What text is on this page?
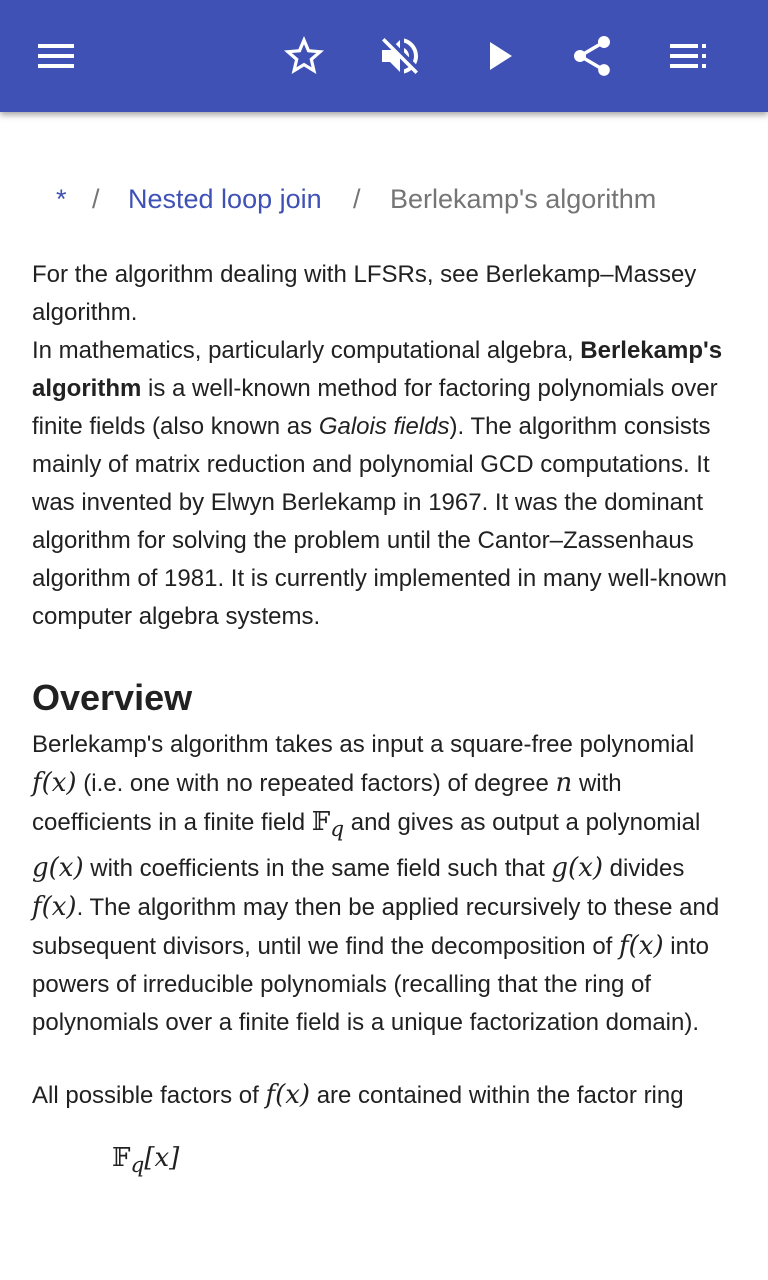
* / Nested loop join / Berlekamp's algorithm

For the algorithm dealing with LFSRs, see Berlekamp–Massey algorithm.

In mathematics, particularly computational algebra, Berlekamp's algorithm is a well-known method for factoring polynomials over finite fields (also known as Galois fields). The algorithm consists mainly of matrix reduction and polynomial GCD computations. It was invented by Elwyn Berlekamp in 1967. It was the dominant algorithm for solving the problem until the Cantor–Zassenhaus algorithm of 1981. It is currently implemented in many well-known computer algebra systems.

Overview

Berlekamp's algorithm takes as input a square-free polynomial f(x) (i.e. one with no repeated factors) of degree n with coefficients in a finite field 𝔽$_q$ and gives as output a polynomial g(x) with coefficients in the same field such that g(x) divides f(x). The algorithm may then be applied recursively to these and subsequent divisors, until we find the decomposition of f(x) into powers of irreducible polynomials (recalling that the ring of polynomials over a finite field is a unique factorization domain).

All possible factors of f(x) are contained within the factor ring

𝔽$_q$[x]
